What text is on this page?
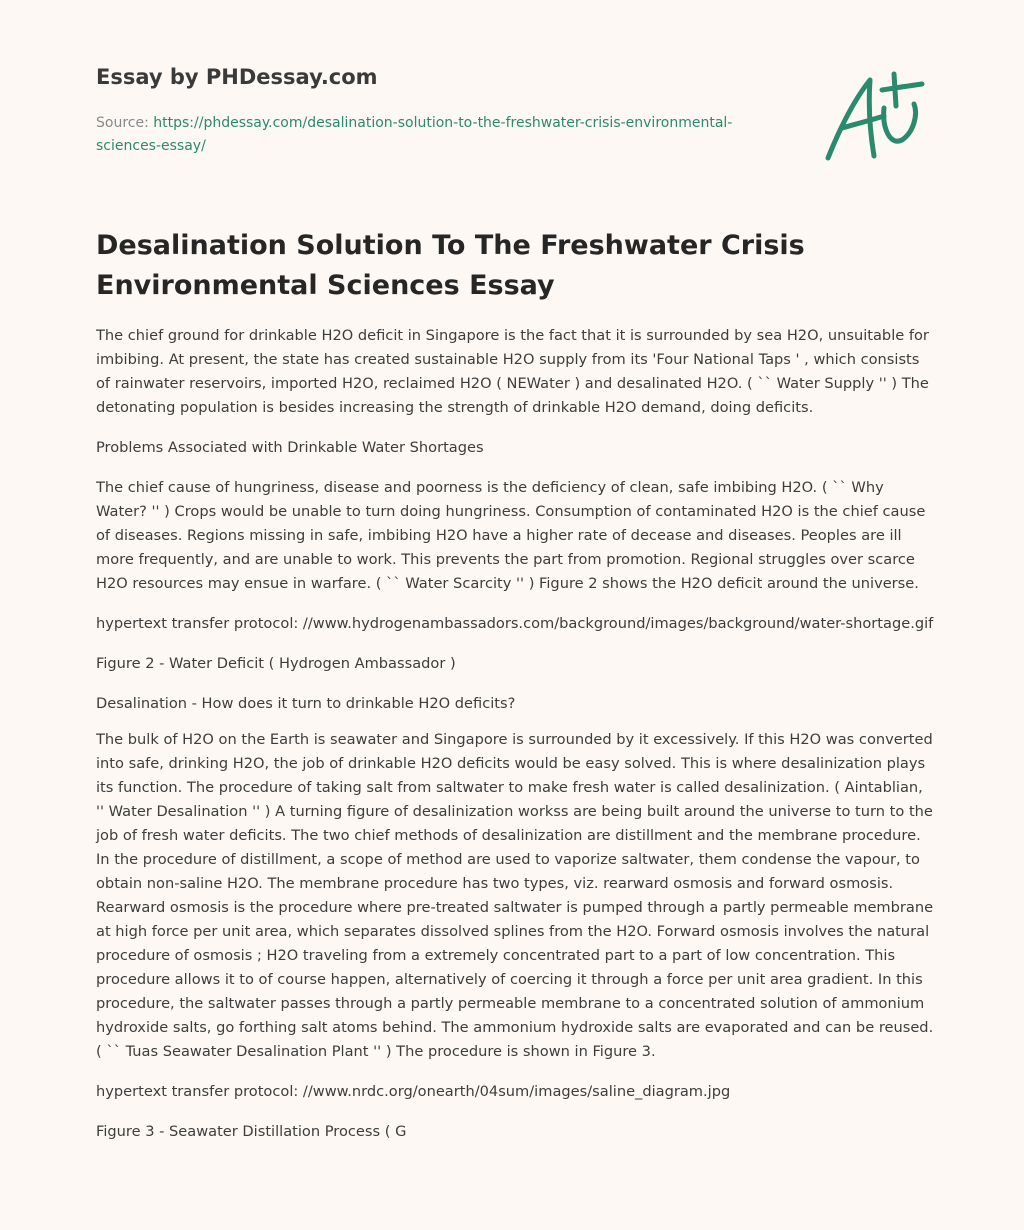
Essay by PHDessay.com
Source: https://phdessay.com/desalination-solution-to-the-freshwater-crisis-environmental-sciences-essay/
Desalination Solution To The Freshwater Crisis Environmental Sciences Essay

The chief ground for drinkable H2O deficit in Singapore is the fact that it is surrounded by sea H2O, unsuitable for imbibing. At present, the state has created sustainable H2O supply from its 'Four National Taps ' , which consists of rainwater reservoirs, imported H2O, reclaimed H2O ( NEWater ) and desalinated H2O. ( `` Water Supply '' ) The detonating population is besides increasing the strength of drinkable H2O demand, doing deficits.

Problems Associated with Drinkable Water Shortages

The chief cause of hungriness, disease and poorness is the deficiency of clean, safe imbibing H2O. ( `` Why Water? '' ) Crops would be unable to turn doing hungriness. Consumption of contaminated H2O is the chief cause of diseases. Regions missing in safe, imbibing H2O have a higher rate of decease and diseases. Peoples are ill more frequently, and are unable to work. This prevents the part from promotion. Regional struggles over scarce H2O resources may ensue in warfare. ( `` Water Scarcity '' ) Figure 2 shows the H2O deficit around the universe.

hypertext transfer protocol: //www.hydrogenambassadors.com/background/images/background/water-shortage.gif

Figure 2 - Water Deficit ( Hydrogen Ambassador )

Desalination - How does it turn to drinkable H2O deficits?

The bulk of H2O on the Earth is seawater and Singapore is surrounded by it excessively. If this H2O was converted into safe, drinking H2O, the job of drinkable H2O deficits would be easy solved. This is where desalinization plays its function. The procedure of taking salt from saltwater to make fresh water is called desalinization. ( Aintablian, '' Water Desalination '' ) A turning figure of desalinization workss are being built around the universe to turn to the job of fresh water deficits. The two chief methods of desalinization are distillment and the membrane procedure. In the procedure of distillment, a scope of method are used to vaporize saltwater, them condense the vapour, to obtain non-saline H2O. The membrane procedure has two types, viz. rearward osmosis and forward osmosis. Rearward osmosis is the procedure where pre-treated saltwater is pumped through a partly permeable membrane at high force per unit area, which separates dissolved splines from the H2O. Forward osmosis involves the natural procedure of osmosis ; H2O traveling from a extremely concentrated part to a part of low concentration. This procedure allows it to of course happen, alternatively of coercing it through a force per unit area gradient. In this procedure, the saltwater passes through a partly permeable membrane to a concentrated solution of ammonium hydroxide salts, go forthing salt atoms behind. The ammonium hydroxide salts are evaporated and can be reused. ( `` Tuas Seawater Desalination Plant '' ) The procedure is shown in Figure 3.

hypertext transfer protocol: //www.nrdc.org/onearth/04sum/images/saline_diagram.jpg

Figure 3 - Seawater Distillation Process ( G
